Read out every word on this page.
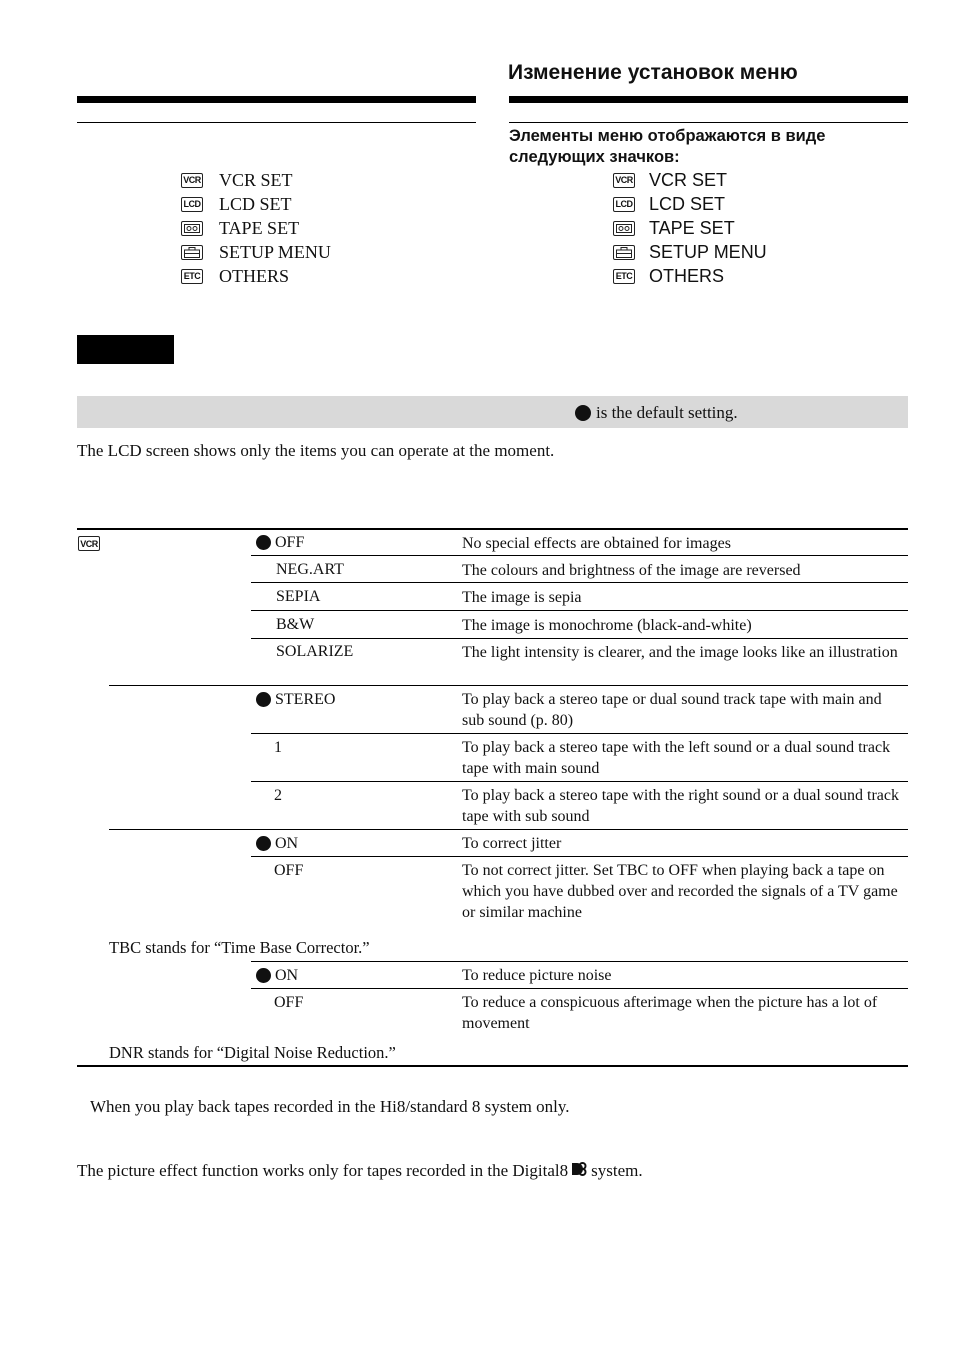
Изменение установок меню
Элементы меню отображаются в виде следующих значков:
VCR VCR SET
LCD LCD SET
TAPE SET
SETUP MENU
ETC OTHERS
VCR VCR SET
LCD LCD SET
TAPE SET
SETUP MENU
ETC OTHERS
is the default setting.
The LCD screen shows only the items you can operate at the moment.
VCR	OFF	No special effects are obtained for images
NEG.ART	The colours and brightness of the image are reversed
SEPIA	The image is sepia
B&W	The image is monochrome (black-and-white)
SOLARIZE	The light intensity is clearer, and the image looks like an illustration
STEREO	To play back a stereo tape or dual sound track tape with main and sub sound (p. 80)
1	To play back a stereo tape with the left sound or a dual sound track tape with main sound
2	To play back a stereo tape with the right sound or a dual sound track tape with sub sound
ON	To correct jitter
OFF	To not correct jitter. Set TBC to OFF when playing back a tape on which you have dubbed over and recorded the signals of a TV game or similar machine
TBC stands for “Time Base Corrector.”
ON	To reduce picture noise
OFF	To reduce a conspicuous afterimage when the picture has a lot of movement
DNR stands for “Digital Noise Reduction.”
When you play back tapes recorded in the Hi8/standard 8 system only.
The picture effect function works only for tapes recorded in the Digital8 system.
